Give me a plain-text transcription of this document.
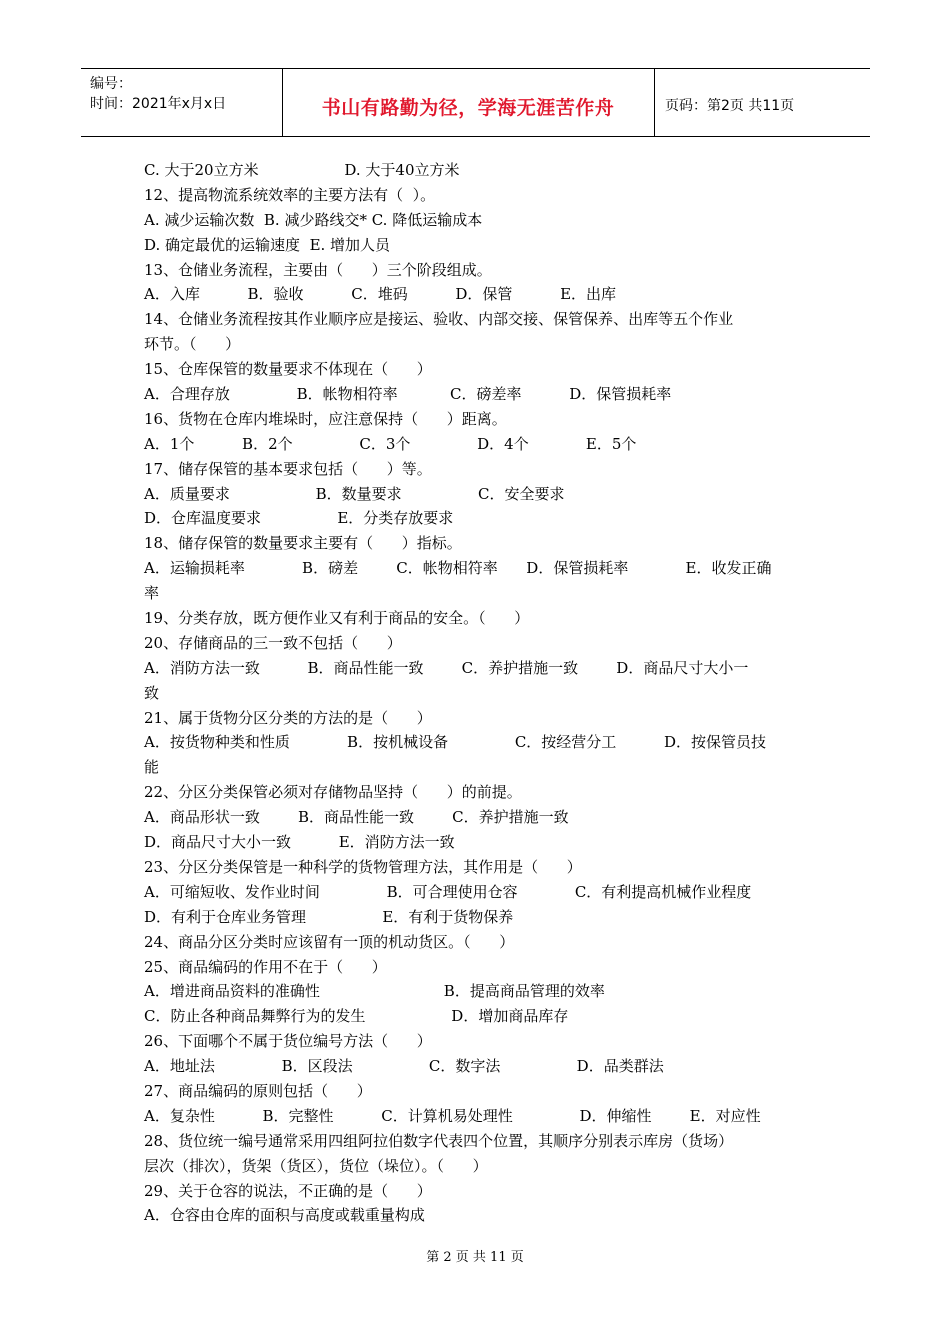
编号：
时间：2021年x月x日	书山有路勤为径，学海无涯苦作舟	页码：第2页 共11页
C. 大于20立方米                  D. 大于40立方米
12、提高物流系统效率的主要方法有（  ）。
A. 减少运输次数  B. 减少路线交* C. 降低运输成本
D. 确定最优的运输速度  E. 增加人员
13、仓储业务流程，主要由（      ）三个阶段组成。
A．入库          B．验收          C．堆码          D．保管          E．出库
14、仓储业务流程按其作业顺序应是接运、验收、内部交接、保管保养、出库等五个作业
环节。（      ）
15、仓库保管的数量要求不体现在（      ）
A．合理存放              B．帐物相符率           C．磅差率          D．保管损耗率
16、货物在仓库内堆垛时，应注意保持（      ）距离。
A．1个          B．2个              C．3个              D．4个            E．5个
17、储存保管的基本要求包括（      ）等。
A．质量要求                  B．数量要求                C．安全要求
D．仓库温度要求                E．分类存放要求
18、储存保管的数量要求主要有（      ）指标。
A．运输损耗率            B．磅差        C．帐物相符率      D．保管损耗率            E．收发正确
率
19、分类存放，既方便作业又有利于商品的安全。（      ）
20、存储商品的三一致不包括（      ）
A．消防方法一致          B．商品性能一致        C．养护措施一致        D．商品尺寸大小一
致
21、属于货物分区分类的方法的是（      ）
A．按货物种类和性质            B．按机械设备              C．按经营分工          D．按保管员技
能
22、分区分类保管必须对存储物品坚持（      ）的前提。
A．商品形状一致        B．商品性能一致        C．养护措施一致
D．商品尺寸大小一致          E．消防方法一致
23、分区分类保管是一种科学的货物管理方法，其作用是（      ）
A．可缩短收、发作业时间              B．可合理使用仓容            C．有利提高机械作业程度
D．有利于仓库业务管理                E．有利于货物保养
24、商品分区分类时应该留有一顶的机动货区。（      ）
25、商品编码的作用不在于（      ）
A．增进商品资料的准确性                          B．提高商品管理的效率
C．防止各种商品舞弊行为的发生                  D．增加商品库存
26、下面哪个不属于货位编号方法（      ）
A．地址法              B．区段法                C．数字法                D．品类群法
27、商品编码的原则包括（      ）
A．复杂性          B．完整性          C．计算机易处理性              D．伸缩性        E．对应性
28、货位统一编号通常采用四组阿拉伯数字代表四个位置，其顺序分别表示库房（货场）
层次（排次），货架（货区），货位（垛位）。（      ）
29、关于仓容的说法，不正确的是（      ）
A．仓容由仓库的面积与高度或载重量构成
第 2 页 共 11 页
